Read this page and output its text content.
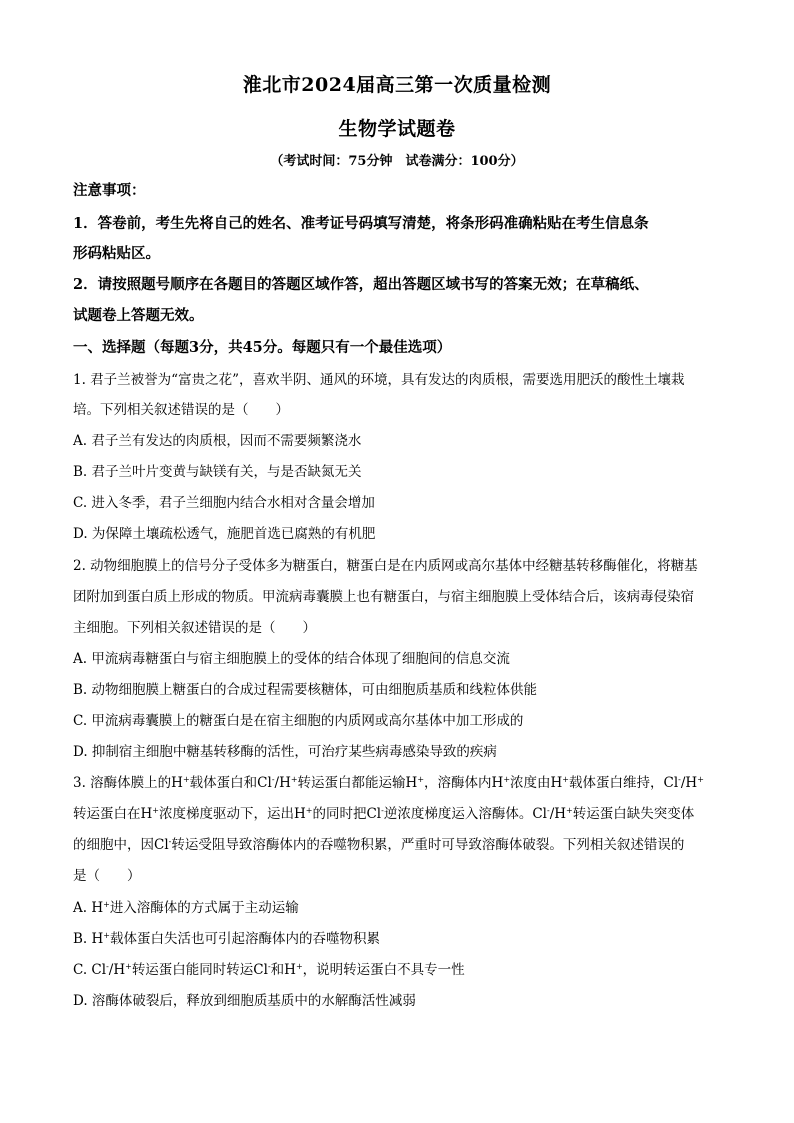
淮北市2024届高三第一次质量检测
生物学试题卷
（考试时间：75分钟　试卷满分：100分）
注意事项：
1．答卷前，考生先将自己的姓名、准考证号码填写清楚，将条形码准确粘贴在考生信息条
形码粘贴区。
2．请按照题号顺序在各题目的答题区域作答，超出答题区域书写的答案无效；在草稿纸、
试题卷上答题无效。
一、选择题（每题3分，共45分。每题只有一个最佳选项）
1. 君子兰被誉为“富贵之花”，喜欢半阴、通风的环境，具有发达的肉质根，需要选用肥沃的酸性土壤栽
培。下列相关叙述错误的是（　　）
A. 君子兰有发达的肉质根，因而不需要频繁浇水
B. 君子兰叶片变黄与缺镁有关，与是否缺氮无关
C. 进入冬季，君子兰细胞内结合水相对含量会增加
D. 为保障土壤疏松透气，施肥首选已腐熟的有机肥
2. 动物细胞膜上的信号分子受体多为糖蛋白，糖蛋白是在内质网或高尔基体中经糖基转移酶催化，将糖基
团附加到蛋白质上形成的物质。甲流病毒囊膜上也有糖蛋白，与宿主细胞膜上受体结合后，该病毒侵染宿
主细胞。下列相关叙述错误的是（　　）
A. 甲流病毒糖蛋白与宿主细胞膜上的受体的结合体现了细胞间的信息交流
B. 动物细胞膜上糖蛋白的合成过程需要核糖体，可由细胞质基质和线粒体供能
C. 甲流病毒囊膜上的糖蛋白是在宿主细胞的内质网或高尔基体中加工形成的
D. 抑制宿主细胞中糖基转移酶的活性，可治疗某些病毒感染导致的疾病
3. 溶酶体膜上的H+载体蛋白和Cl-/H+转运蛋白都能运输H+，溶酶体内H+浓度由H+载体蛋白维持，Cl-/H+
转运蛋白在H+浓度梯度驱动下，运出H+的同时把Cl-逆浓度梯度运入溶酶体。Cl-/H+转运蛋白缺失突变体
的细胞中，因Cl-转运受阻导致溶酶体内的吞噬物积累，严重时可导致溶酶体破裂。下列相关叙述错误的
是（　　）
A. H+进入溶酶体的方式属于主动运输
B. H+载体蛋白失活也可引起溶酶体内的吞噬物积累
C. Cl-/H+转运蛋白能同时转运Cl-和H+，说明转运蛋白不具专一性
D. 溶酶体破裂后，释放到细胞质基质中的水解酶活性减弱
